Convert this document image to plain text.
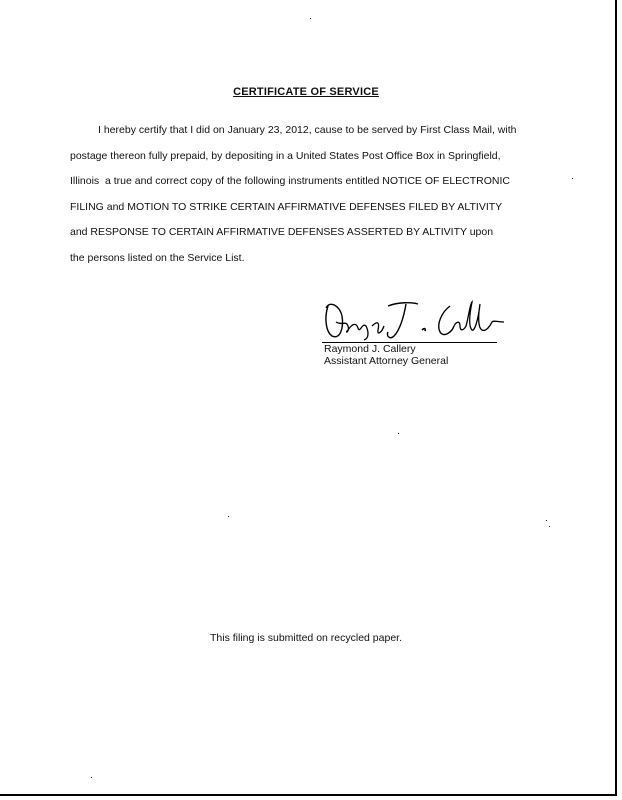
CERTIFICATE OF SERVICE
I hereby certify that I did on January 23, 2012, cause to be served by First Class Mail, with
postage thereon fully prepaid, by depositing in a United States Post Office Box in Springfield,
Illinois  a true and correct copy of the following instruments entitled NOTICE OF ELECTRONIC
FILING and MOTION TO STRIKE CERTAIN AFFIRMATIVE DEFENSES FILED BY ALTIVITY
and RESPONSE TO CERTAIN AFFIRMATIVE DEFENSES ASSERTED BY ALTIVITY upon
the persons listed on the Service List.
Raymond J. Callery
Assistant Attorney General
This filing is submitted on recycled paper.
